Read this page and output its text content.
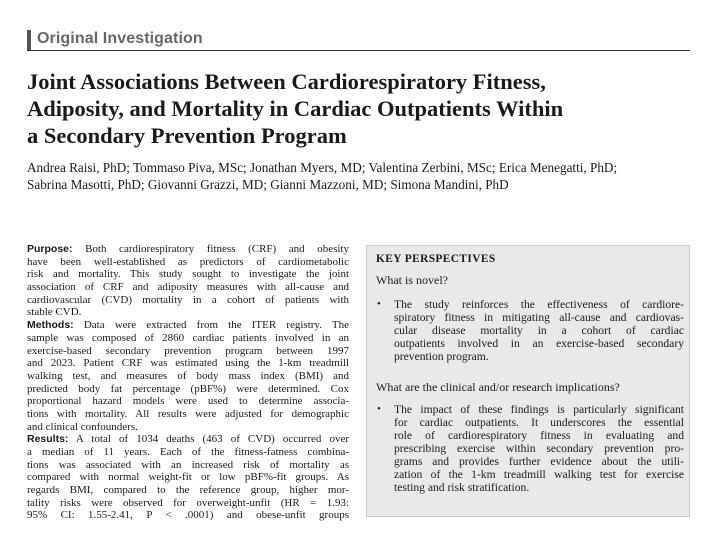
Original Investigation
Joint Associations Between Cardiorespiratory Fitness,
Adiposity, and Mortality in Cardiac Outpatients Within
a Secondary Prevention Program
Andrea Raisi, PhD; Tommaso Piva, MSc; Jonathan Myers, MD; Valentina Zerbini, MSc; Erica Menegatti, PhD;
Sabrina Masotti, PhD; Giovanni Grazzi, MD; Gianni Mazzoni, MD; Simona Mandini, PhD
Purpose: Both cardiorespiratory fitness (CRF) and obesity
have been well-established as predictors of cardiometabolic
risk and mortality. This study sought to investigate the joint
association of CRF and adiposity measures with all-cause and
cardiovascular (CVD) mortality in a cohort of patients with
stable CVD.
Methods: Data were extracted from the ITER registry. The
sample was composed of 2860 cardiac patients involved in an
exercise-based secondary prevention program between 1997
and 2023. Patient CRF was estimated using the 1-km treadmill
walking test, and measures of body mass index (BMI) and
predicted body fat percentage (pBF%) were determined. Cox
proportional hazard models were used to determine associa-
tions with mortality. All results were adjusted for demographic
and clinical confounders.
Results: A total of 1034 deaths (463 of CVD) occurred over
a median of 11 years. Each of the fitness-fatness combina-
tions was associated with an increased risk of mortality as
compared with normal weight-fit or low pBF%-fit groups. As
regards BMI, compared to the reference group, higher mor-
tality risks were observed for overweight-unfit (HR = 1.93:
95% CI: 1.55-2.41, P < .0001) and obese-unfit groups
KEY PERSPECTIVES
What is novel?
• The study reinforces the effectiveness of cardiore-
spiratory fitness in mitigating all-cause and cardiovas-
cular disease mortality in a cohort of cardiac
outpatients involved in an exercise-based secondary
prevention program.
What are the clinical and/or research implications?
• The impact of these findings is particularly significant
for cardiac outpatients. It underscores the essential
role of cardiorespiratory fitness in evaluating and
prescribing exercise within secondary prevention pro-
grams and provides further evidence about the utili-
zation of the 1-km treadmill walking test for exercise
testing and risk stratification.
